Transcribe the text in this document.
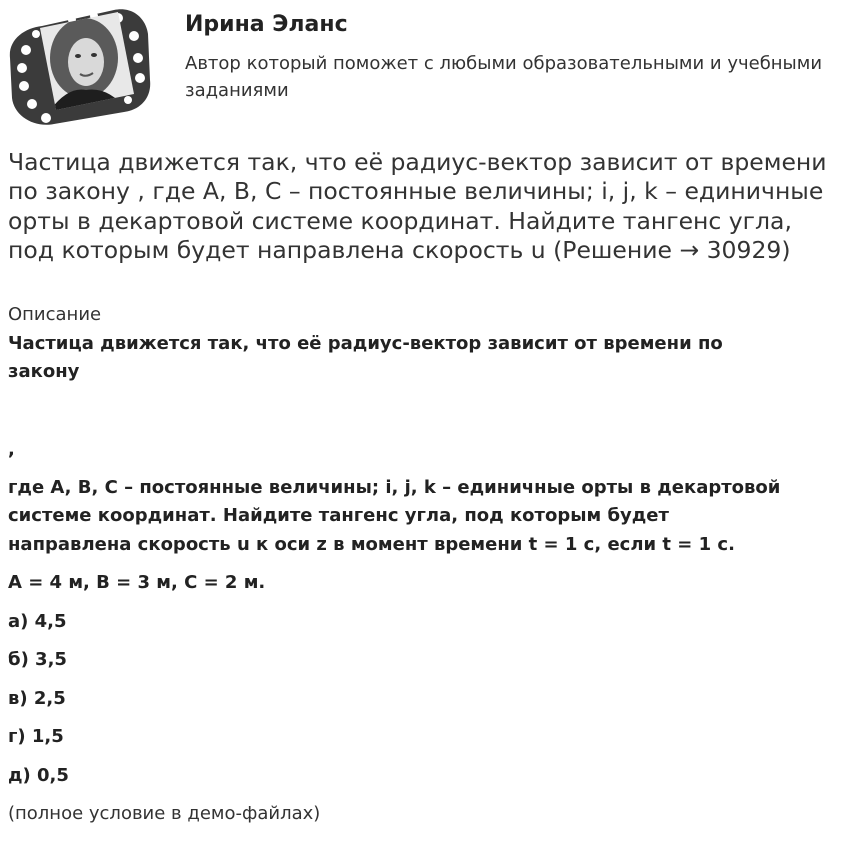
Ирина Эланс
Автор который поможет с любыми образовательными и учебными заданиями
Частица движется так, что её радиус-вектор зависит от времени по закону , где A, B, C – постоянные величины; i, j, k – единичные орты в декартовой системе координат. Найдите тангенс угла, под которым будет направлена скорость u (Решение → 30929)
Описание
Частица движется так, что её радиус-вектор зависит от времени по
закону
,
где A, B, C – постоянные величины; i, j, k – единичные орты в декартовой
системе координат. Найдите тангенс угла, под которым будет
направлена скорость u к оси z в момент времени t = 1 с, если t = 1 с.
A = 4 м, B = 3 м, C = 2 м.
а) 4,5
б) 3,5
в) 2,5
г) 1,5
д) 0,5
(полное условие в демо-файлах)
